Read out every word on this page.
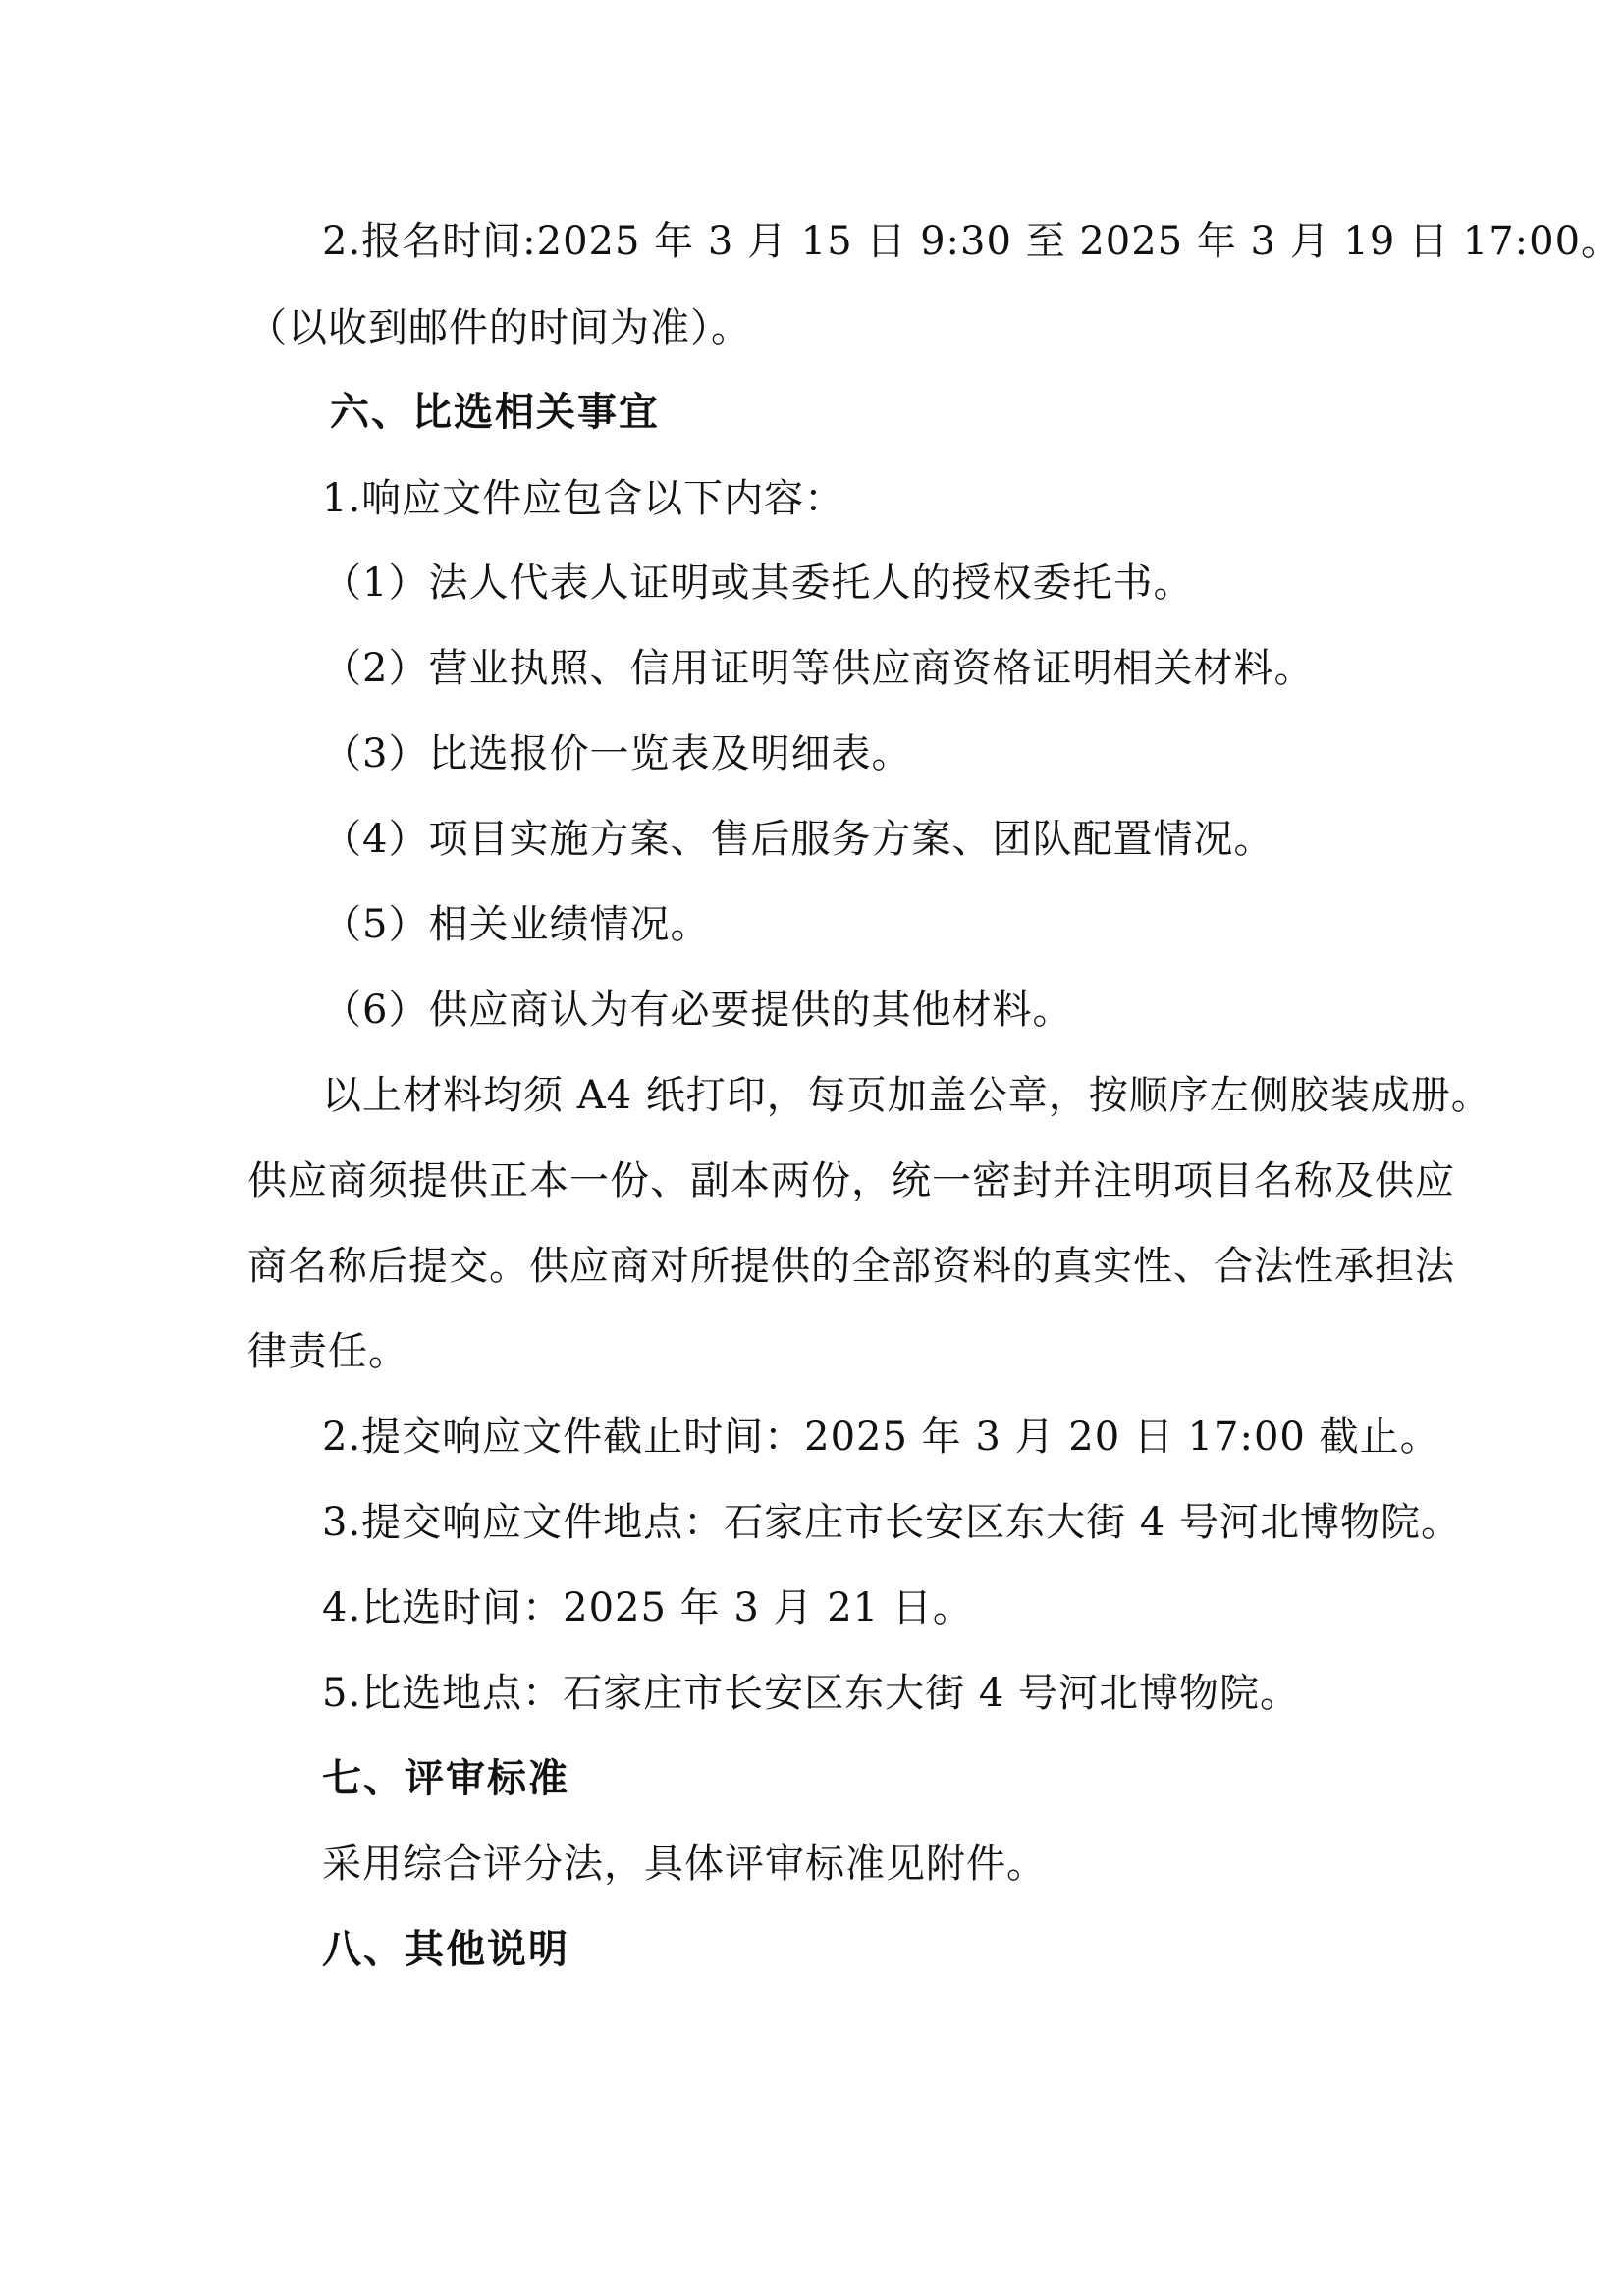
2.报名时间:2025 年 3 月 15 日 9:30 至 2025 年 3 月 19 日 17:00。
（以收到邮件的时间为准）。
六、比选相关事宜
1.响应文件应包含以下内容：
（1）法人代表人证明或其委托人的授权委托书。
（2）营业执照、信用证明等供应商资格证明相关材料。
（3）比选报价一览表及明细表。
（4）项目实施方案、售后服务方案、团队配置情况。
（5）相关业绩情况。
（6）供应商认为有必要提供的其他材料。
以上材料均须 A4 纸打印，每页加盖公章，按顺序左侧胶装成册。
供应商须提供正本一份、副本两份，统一密封并注明项目名称及供应
商名称后提交。供应商对所提供的全部资料的真实性、合法性承担法
律责任。
2.提交响应文件截止时间：2025 年 3 月 20 日 17:00 截止。
3.提交响应文件地点：石家庄市长安区东大街 4 号河北博物院。
4.比选时间：2025 年 3 月 21 日。
5.比选地点：石家庄市长安区东大街 4 号河北博物院。
七、评审标准
采用综合评分法，具体评审标准见附件。
八、其他说明
